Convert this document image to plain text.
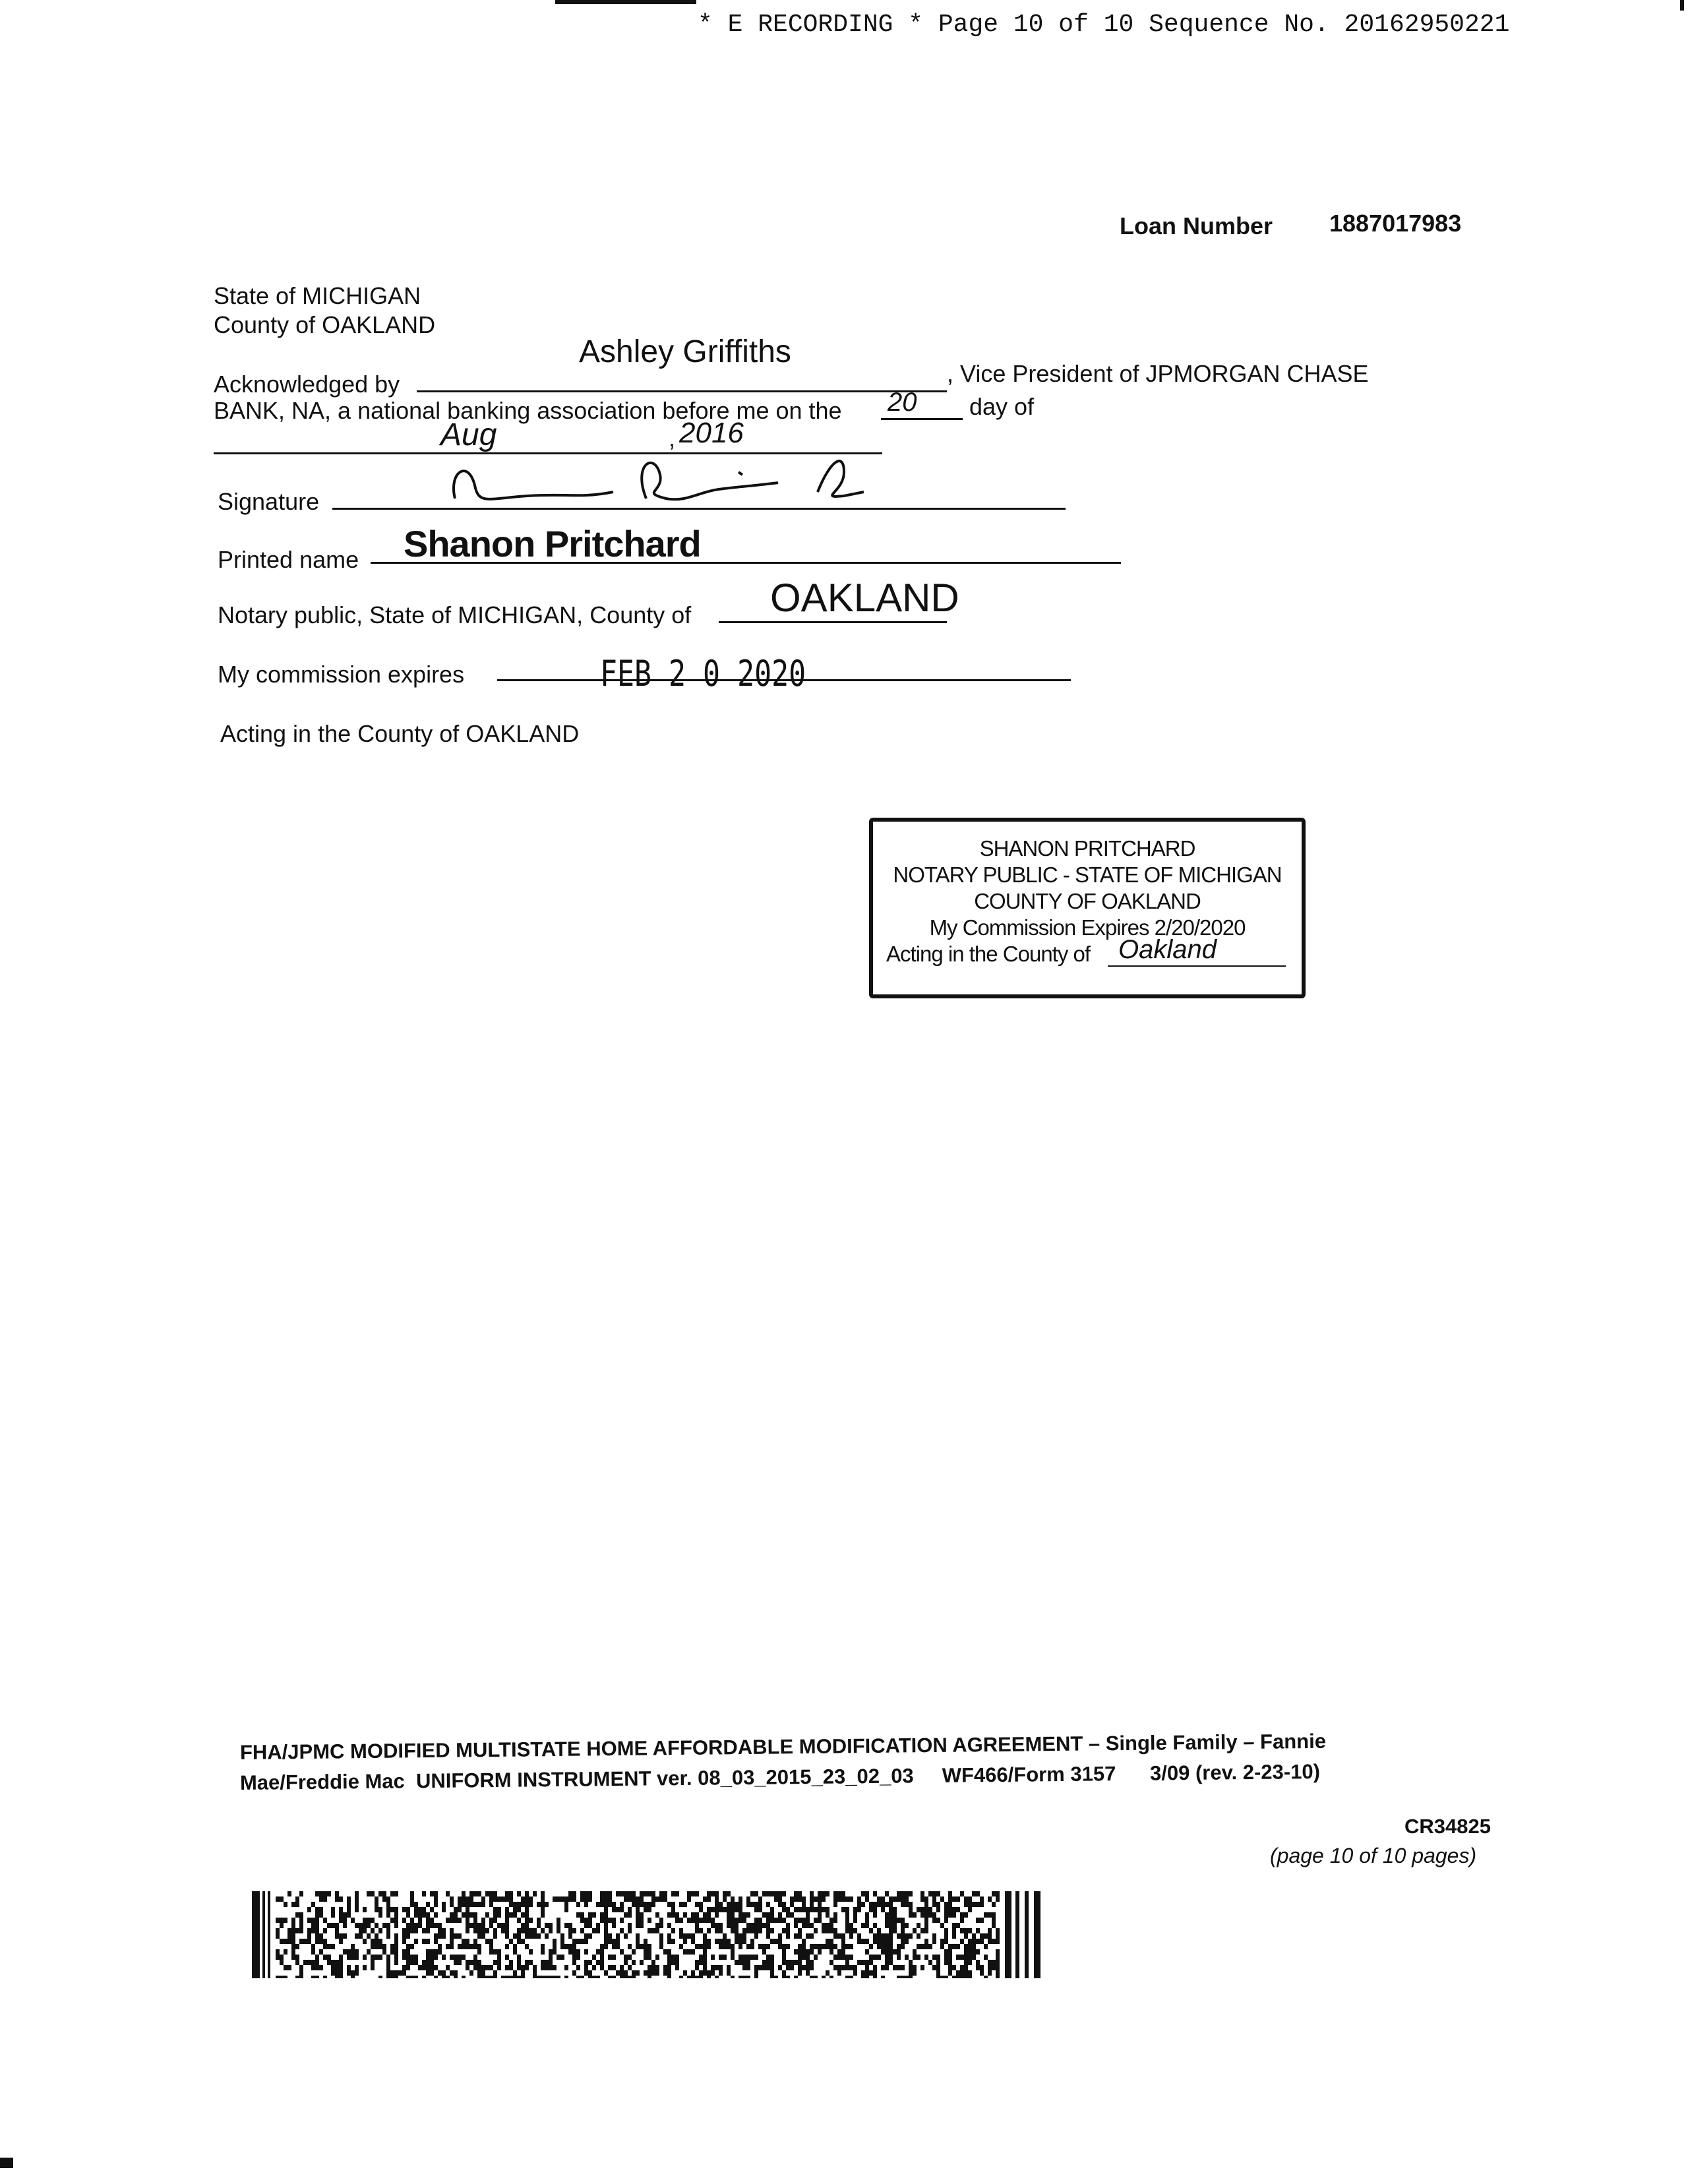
* E RECORDING * Page 10 of 10 Sequence No. 20162950221
Loan Number 1887017983
State of MICHIGAN
County of OAKLAND
Acknowledged by
Ashley Griffiths
, Vice President of JPMORGAN CHASE
BANK, NA, a national banking association before me on the 20 day of
Aug	, 2016
Signature
Printed name Shanon Pritchard
Notary public, State of MICHIGAN, County of OAKLAND
My commission expires	FEB 2 0 2020
Acting in the County of OAKLAND
SHANON PRITCHARD
NOTARY PUBLIC - STATE OF MICHIGAN
COUNTY OF OAKLAND
My Commission Expires 2/20/2020
Acting in the County of Oakland
FHA/JPMC MODIFIED MULTISTATE HOME AFFORDABLE MODIFICATION AGREEMENT – Single Family – Fannie
Mae/Freddie Mac  UNIFORM INSTRUMENT ver. 08_03_2015_23_02_03     WF466/Form 3157      3/09 (rev. 2-23-10)
CR34825
(page 10 of 10 pages)
